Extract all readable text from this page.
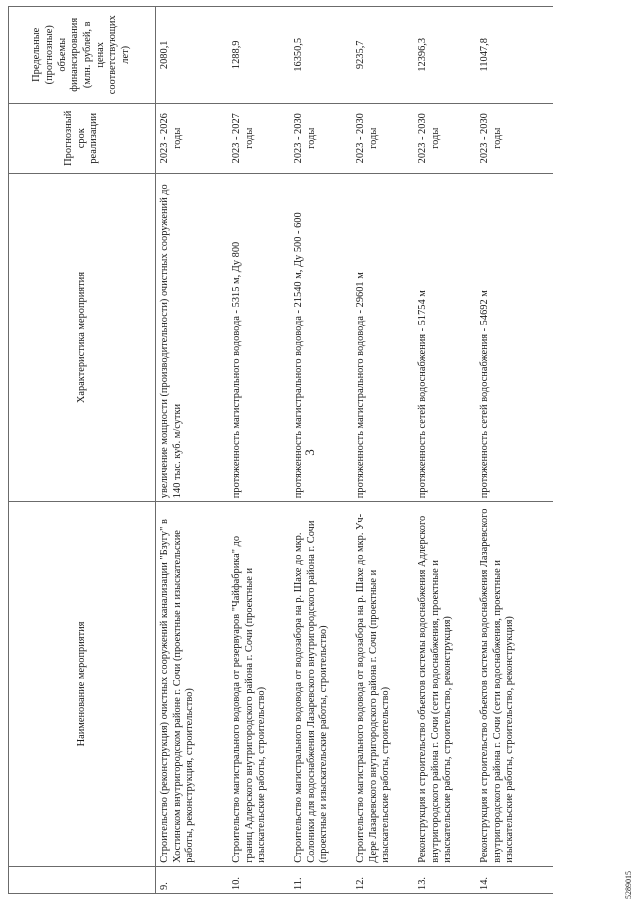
	Наименование мероприятия	Характеристика мероприятия	Прогнозный срок реализации	Предельные (прогнозные) объемы финансирования (млн. рублей, в ценах соответствующих лет)
9.	Строительство (реконструкция) очистных сооружений канализации "Бзугу" в Хостинском внутригородском районе г. Сочи (проектные и изыскательские работы, реконструкция, строительство)	увеличение мощности (производительности) очистных сооружений до 140 тыс. куб. м/сутки	2023 - 2026 годы	2080,1
10.	Строительство магистрального водовода от резервуаров "Чайфабрика" до границ Адлерского внутригородского района г. Сочи (проектные и изыскательские работы, строительство)	протяженность магистрального водовода - 5315 м, Ду 800	2023 - 2027 годы	1288,9
11.	Строительство магистрального водовода от водозабора на р. Шахе до мкр. Солоники для водоснабжения Лазаревского внутригородского района г. Сочи (проектные и изыскательские работы, строительство)	протяженность магистрального водовода - 21540 м, Ду 500 - 600	2023 - 2030 годы	16350,5
12.	Строительство магистрального водовода от водозабора на р. Шахе до мкр. Уч-Дере Лазаревского внутригородского района г. Сочи (проектные и изыскательские работы, строительство)	протяженность магистрального водовода - 29601 м	2023 - 2030 годы	9235,7
13.	Реконструкция и строительство объектов системы водоснабжения Адлерского внутригородского района г. Сочи (сети водоснабжения, проектные и изыскательские работы, строительство, реконструкция)	протяженность сетей водоснабжения - 51754 м	2023 - 2030 годы	12396,3
14.	Реконструкция и строительство объектов системы водоснабжения Лазаревского внутригородского района г. Сочи (сети водоснабжения, проектные и изыскательские работы, строительство, реконструкция)	протяженность сетей водоснабжения - 54692 м	2023 - 2030 годы	11047,8
3
5289015
